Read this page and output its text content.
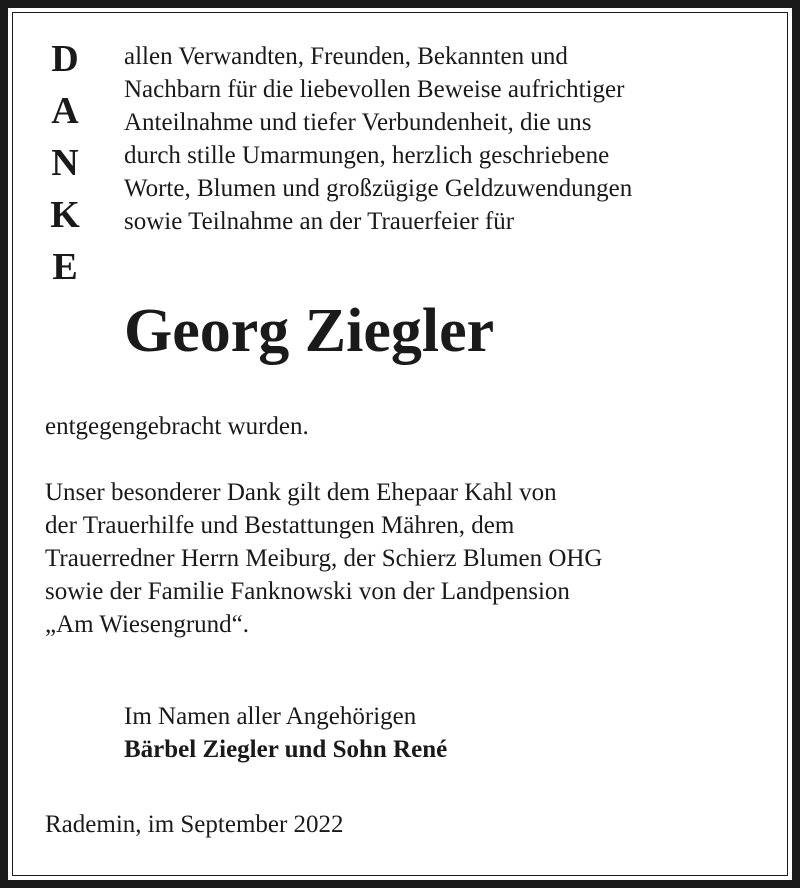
D
A
N
K
E
allen Verwandten, Freunden, Bekannten und
Nachbarn für die liebevollen Beweise aufrichtiger
Anteilnahme und tiefer Verbundenheit, die uns
durch stille Umarmungen, herzlich geschriebene
Worte, Blumen und großzügige Geldzuwendungen
sowie Teilnahme an der Trauerfeier für
Georg Ziegler
entgegengebracht wurden.
Unser besonderer Dank gilt dem Ehepaar Kahl von
der Trauerhilfe und Bestattungen Mähren, dem
Trauerredner Herrn Meiburg, der Schierz Blumen OHG
sowie der Familie Fanknowski von der Landpension
„Am Wiesengrund“.
Im Namen aller Angehörigen
Bärbel Ziegler und Sohn René
Rademin, im September 2022
